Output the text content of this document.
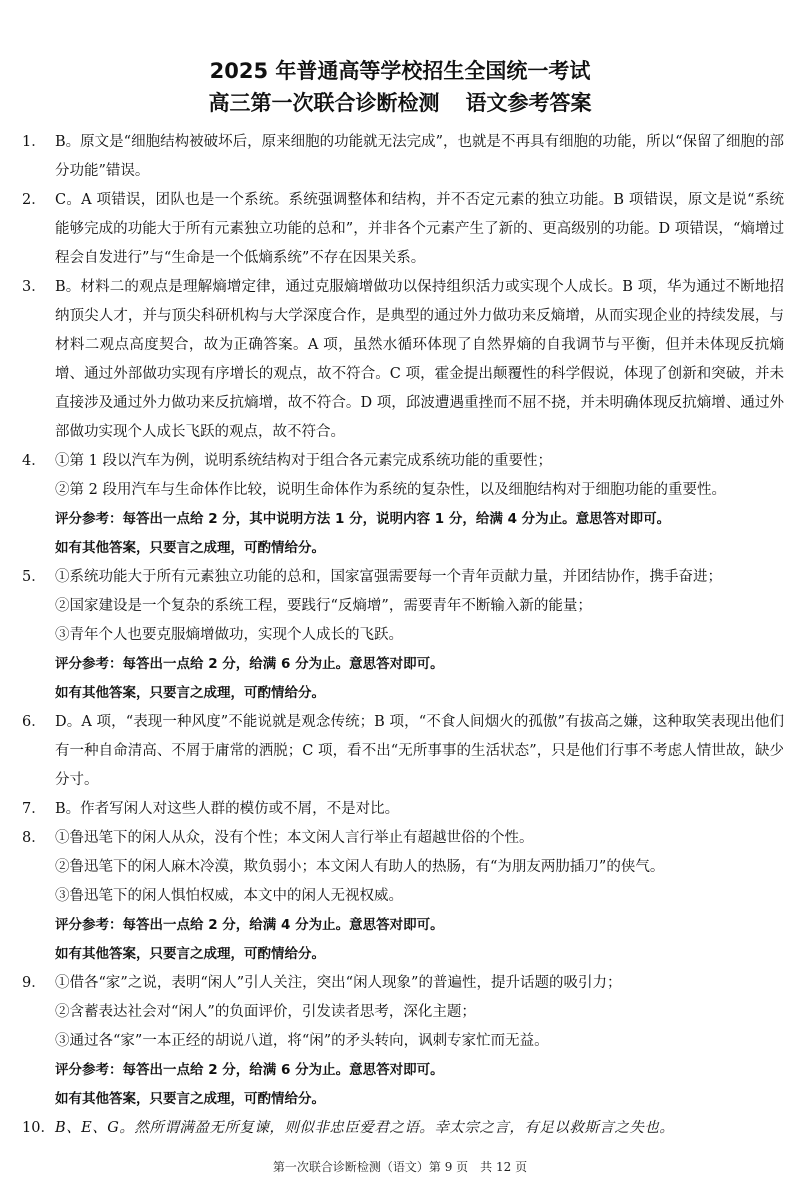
2025 年普通高等学校招生全国统一考试
高三第一次联合诊断检测 语文参考答案
1． B。原文是“细胞结构被破坏后，原来细胞的功能就无法完成”，也就是不再具有细胞的功能，所以“保留了细胞的部分功能”错误。

2． C。A 项错误，团队也是一个系统。系统强调整体和结构，并不否定元素的独立功能。B 项错误，原文是说“系统能够完成的功能大于所有元素独立功能的总和”，并非各个元素产生了新的、更高级别的功能。D 项错误，“熵增过程会自发进行”与“生命是一个低熵系统”不存在因果关系。

3． B。材料二的观点是理解熵增定律，通过克服熵增做功以保持组织活力或实现个人成长。B 项，华为通过不断地招纳顶尖人才，并与顶尖科研机构与大学深度合作，是典型的通过外力做功来反熵增，从而实现企业的持续发展，与材料二观点高度契合，故为正确答案。A 项，虽然水循环体现了自然界熵的自我调节与平衡，但并未体现反抗熵增、通过外部做功实现有序增长的观点，故不符合。C 项，霍金提出颠覆性的科学假说，体现了创新和突破，并未直接涉及通过外力做功来反抗熵增，故不符合。D 项，邱波遭遇重挫而不屈不挠，并未明确体现反抗熵增、通过外部做功实现个人成长飞跃的观点，故不符合。

4． ①第 1 段以汽车为例，说明系统结构对于组合各元素完成系统功能的重要性；

②第 2 段用汽车与生命体作比较，说明生命体作为系统的复杂性，以及细胞结构对于细胞功能的重要性。

评分参考：每答出一点给 2 分，其中说明方法 1 分，说明内容 1 分，给满 4 分为止。意思答对即可。

如有其他答案，只要言之成理，可酌情给分。

5． ①系统功能大于所有元素独立功能的总和，国家富强需要每一个青年贡献力量，并团结协作，携手奋进；

②国家建设是一个复杂的系统工程，要践行“反熵增”，需要青年不断输入新的能量；

③青年个人也要克服熵增做功，实现个人成长的飞跃。

评分参考：每答出一点给 2 分，给满 6 分为止。意思答对即可。

如有其他答案，只要言之成理，可酌情给分。

6． D。A 项，“表现一种风度”不能说就是观念传统；B 项，“不食人间烟火的孤傲”有拔高之嫌，这种取笑表现出他们有一种自命清高、不屑于庸常的洒脱；C 项，看不出“无所事事的生活状态”，只是他们行事不考虑人情世故，缺少分寸。

7． B。作者写闲人对这些人群的模仿或不屑，不是对比。

8． ①鲁迅笔下的闲人从众，没有个性；本文闲人言行举止有超越世俗的个性。

②鲁迅笔下的闲人麻木冷漠，欺负弱小；本文闲人有助人的热肠，有“为朋友两肋插刀”的侠气。

③鲁迅笔下的闲人惧怕权威，本文中的闲人无视权威。

评分参考：每答出一点给 2 分，给满 4 分为止。意思答对即可。

如有其他答案，只要言之成理，可酌情给分。

9． ①借各“家”之说，表明“闲人”引人关注，突出“闲人现象”的普遍性，提升话题的吸引力；

②含蓄表达社会对“闲人”的负面评价，引发读者思考，深化主题；

③通过各“家”一本正经的胡说八道，将“闲”的矛头转向，讽刺专家忙而无益。

评分参考：每答出一点给 2 分，给满 6 分为止。意思答对即可。

如有其他答案，只要言之成理，可酌情给分。

10． B、E、G。然所谓满盈无所复谏，则似非忠臣爱君之语。幸太宗之言，有足以救斯言之失也。

第一次联合诊断检测（语文）第 9 页　共 12 页
